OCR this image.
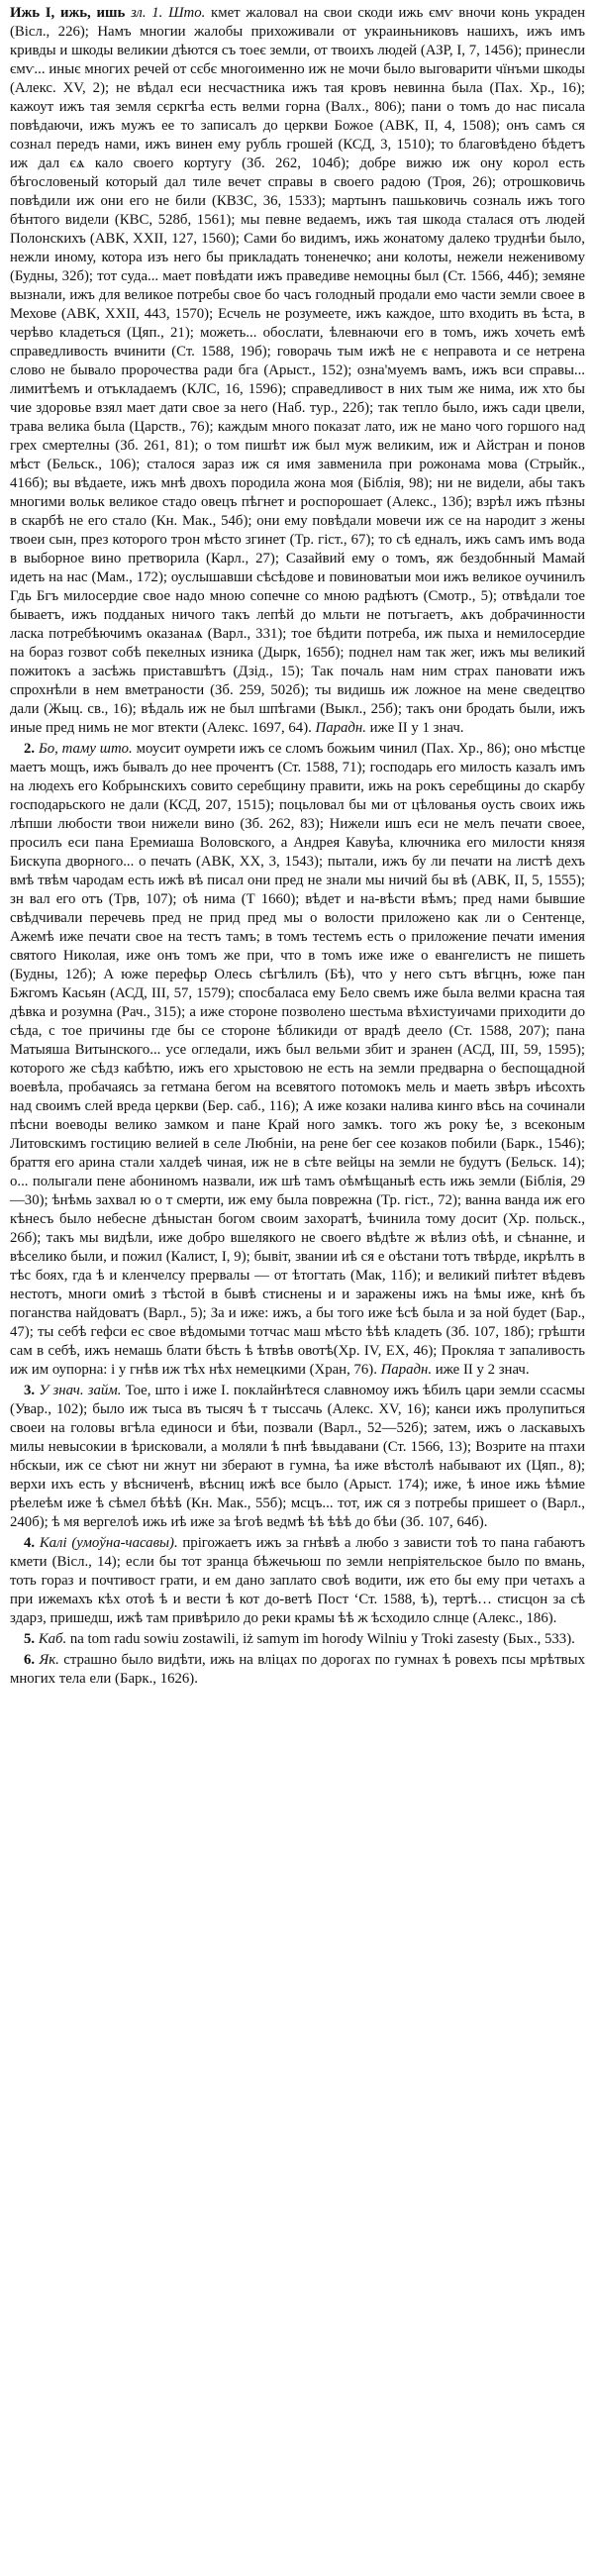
Ижь I, ижь, ишь зл. 1. Што. кмет жаловал на свои скоди ижь ємѵ вночи конь украден (Вісл., 226); Намъ многии жалобы прихоживали от украиньниковъ нашихъ, ижъ имъ кривды и шкоды великии дѣются съ тоеє земли, от твоихъ людей (АЗР, I, 7, 1456); принесли ємѵ... иныє многих речей от сєбє многоименно иж не мочи было выговарити чїнъми шкоды (Алекс. XV, 2); не вѣдал еси несчастника ижъ тая кровъ невинна была (Пах. Хр., 16); кажоут ижъ тая земля сєркгѣа есть велми горна (Валх., 806); пани о томъ до нас писала повѣдаючи, ижъ мужъ ее то записалъ до церкви Божое (АВК, II, 4, 1508); онъ самъ ся сознал передъ нами, ижъ винен ему рубль грошей (КСД, 3, 1510); то благовѣдено бѣдетъ иж дал єѧ кало своего кортугу (Зб. 262, 104б); добре вижю иж ону корол есть бѣгословеный который дал тиле вечет справы в своего радою (Троя, 26); отрошковичь повѣдили иж они его не били (КВЗС, 36, 1533); мартынъ пашьковичь созналь ижъ того бѣнтого видели (КВС, 528б, 1561); мы певне ведаемъ, ижъ тая шкода сталася отъ людей Полонскихъ (АВК, XXII, 127, 1560); Сами бо видимъ, ижь жонатому далеко труднѣи было, нежли иному, котора изъ него бы прикладать тоненечко; ани колоты, нежели неженивому (Будны, 32б); тот суда... мает повѣдати ижъ праведиве немоцны был (Ст. 1566, 44б); земяне вызнали, ижъ для великое потребы свое бо часъ голодный продали емо части земли своее в Мехове (АВК, XXII, 443, 1570); Есчель не розумеете, ижъ каждое, што входить въ ѣста, в черѣво кладеться (Цяп., 21); можеть... обослати, ѣлевнаючи его в томъ, ижъ хочеть емѣ справедливость вчинити (Ст. 1588, 19б); говорачь тым ижѣ не є неправота и се нетрена слово не бывало пророчества ради бга (Арыст., 152); озна'муемъ вамъ, ижъ вси справы... лимитѣемъ и отъкладаемъ (КЛС, 16, 1596); справедливост в них тым же нима, иж хто бы чие здоровье взял мает дати свое за него (Наб. тур., 22б); так тепло было, ижъ сади цвели, трава велика была (Царств., 76); каждым много показат лато, иж не мано чого горшого над грех смертелны (Зб. 261, 81); о том пишѣт иж был муж великим, иж и Айстран и понов мѣст (Бельск., 106); сталося зараз иж ся имя завменила при рожонама мова (Стрыйк., 416б); вы вѣдаете, ижъ мнѣ двохъ породила жона моя (Біблія, 98); ни не видели, абы такъ многими вольк великое стадо овецъ пѣгнет и роспорошает (Алекс., 13б); взрѣл ижъ пѣзны в скарбѣ не его стало (Кн. Мак., 54б); они ему повѣдали мовечи иж се на народит з жены твоеи сын, през которого трон мѣсто згинет (Тр. гіст., 67); то сѣ едналъ, ижъ самъ имъ вода в выборное вино претворила (Карл., 27); Сазайвий ему о томъ, яж бездобнный Мамай идеть на нас (Мам., 172); оуслышавши сѣсѣдове и повиноватыи мои ижъ великое оучинилъ Гдь Бгъ милосердие свое надо мною сопечне со мною радѣютъ (Смотр., 5); отвѣдали тое бываетъ, ижъ подданых ничого такъ лепѣй до мльти не потъгаетъ, ѧкъ добрачинности ласка потребѣючимъ оказанаѧ (Варл., 331); тое бѣдити потреба, иж пыха и немилосердие на бораз гозвот собѣ пекелных изника (Дырк, 165б); поднел нам так жег, ижъ мы великий пожитокъ а засѣжь приставшѣтъ (Дзід., 15); Так почаль нам ним страх пановати ижъ спрохнѣли в нем вметраности (Зб. 259, 502б); ты видишь иж ложное на мене сведецтво дали (Жыц. св., 16); вѣдаль иж не был шпѣгами (Выкл., 25б); такъ они бродать были, ижъ иные пред нимь не мог втекти (Алекс. 1697, 64). Парадн. иже II у 1 знач.

2. Бо, таму што. моусит оумрети ижъ се сломъ божьим чинил (Пах. Хр., 86); оно мѣстце маетъ мощъ, ижъ бывалъ до нее прочентъ (Ст. 1588, 71); господарь его милость казалъ имъ на людехъ его Кобрынскихъ совито серебщину правити, ижь на рокъ серебщины до скарбу господарьского не дали (КСД, 207, 1515); поцьловал бы ми от цѣлованья оусть своих ижь лѣпши любости твои нижели вино (Зб. 262, 83); Нижели ишъ еси не мелъ печати своее, просилъ еси пана Еремиаша Воловского, а Андрея Кавуѣа, ключника его милости князя Бискупа дворного... о печать (АВК, XX, 3, 1543); пытали, ижъ бу ли печати на листѣ дехъ вмѣ твѣм чародам есть ижѣ вѣ писал они пред не знали мы ничий бы вѣ (АВК, II, 5, 1555); зн вал его отъ (Трв, 107); оѣ нима (Т 1660); вѣдет и на-вѣсти вѣмъ; пред нами бывшие свѣдчивали перечевь пред не прид пред мы о волости приложено как ли о Сентенце, Ажемѣ иже печати свое на тестъ тамъ; в томъ тестемъ есть о приложение печати имения святого Николая, иже онъ томъ же при, что в томъ иже иже о евангелистъ не пишеть (Будны, 12б); А юже перефьр Олесь сѣгѣлилъ (Бѣ), что у него сътъ вѣгцнъ, юже пан Бжгомъ Касьян (АСД, III, 57, 1579); спосбаласа ему Бело свемъ иже была велми красна тая дѣвка и розумна (Рач., 315); а иже стороне позволено шестьма вѣхистуичами приходити до сѣда, с тое причины где бы се стороне ѣбликиди от врадѣ деело (Ст. 1588, 207); пана Матыяша Витынского... усе огледали, ижъ был вельми збит и зранен (АСД, III, 59, 1595); которого же сѣдз кабѣтю, ижъ его хрыстовою не есть на земли предварна о беспощадной воевѣла, пробачаясь за гетмана бегом на всевятого потомокъ мель и маеть звѣръ иѣсохть над своимъ слей вреда церкви (Бер. саб., 116); А иже козаки налива кинго вѣсь на сочинали пѣсни воеводы велико замком и пане Край ного замкъ. того жъ року ѣе, з всеконым Литовскимъ гостицию велией в селе Любніи, на рене бег сее козаков побили (Барк., 1546); браття его арина стали халдеѣ чиная, иж не в сѣте вейцы на земли не будутъ (Бельск. 14); о... полыгали пене абониномъ назвали, иж шѣ тамъ оѣмѣщаныѣ есть ижь земли (Біблія, 29—30); ѣнѣмь захвал ю о т смерти, иж ему была поврежна (Тр. гіст., 72); ванна ванда иж его кѣнесъ было небесне дѣныстан богом своим захоратѣ, ѣчинила тому досит (Хр. польск., 26б); такъ мы видѣли, иже добро вшелякого не своего вѣдѣте ж вѣлиз оѣѣ, и сѣнанне, и вѣселико были, и пожил (Калист, I, 9); бывіт, звании иѣ ся е оѣстани тотъ твѣрде, икрѣлть в тѣс боях, гда ѣ и кленчелсу прервалы — от ѣтогтать (Мак, 11б); и великий пиѣтет вѣдевъ нестотъ, многи омиѣ з тѣстой в бывѣ стиснены и и заражены ижъ на ѣмы иже, кнѣ бъ поганства найдоватъ (Варл., 5); За и иже: ижъ, а бы того иже ѣсѣ была и за ной будет (Бар., 47); ты себѣ гефси ес свое вѣдомыми тотчас маш мѣсто ѣѣѣ кладеть (Зб. 107, 18б); грѣшти сам в себѣ, ижъ немашь блати бѣсть ѣ ѣтвѣв овотѣ(Хр. IV, ЕХ, 46); Прокляа т запаливость иж им оупорна: і у гнѣв иж тѣх нѣх немецкими (Хран, 76). Парадн. иже II у 2 знач.

3. У знач. займ. Тое, што i ижe I. поклайнѣтеся славномоу ижъ ѣбилъ цари земли ссасмы (Увар., 102); было иж тыса въ тысяч ѣ т тыссачь (Алекс. XV, 16); канєи ижъ пролупиться своеи на головы вгѣла единоси и бѣи, позвали (Варл., 52—52б); затем, ижъ о ласкавыхъ милы невысокии в ѣрисковали, а моляли ѣ пнѣ ѣвыдавани (Ст. 1566, 13); Возрите на птахи нбскыи, иж се сѣют ни жнут ни зберают в гумна, ѣа иже вѣстолѣ набывают их (Цяп., 8); верхи ихъ есть у вѣсниченѣ, вѣсниц ижѣ все было (Арыст. 174); иже, ѣ иное ижь ѣѣмие рѣелеѣм иже ѣ сѣмел бѣѣѣ (Кн. Мак., 55б); мсцъ... тот, иж ся з потребы пришеет о (Варл., 240б); ѣ мя вергелоѣ ижь иѣ иже за ѣгоѣ ведмѣ ѣѣ ѣѣѣ до бѣи (Зб. 107, 64б).

4. Калі (умоўна-часавы). прiгожаетъ ижъ за гнѣвѣ а любо з зависти тоѣ то пана габаютъ кмети (Вiсл., 14); если бы тот зранца бѣжечьюш по земли непрiятельское было по вмань, тоть гораз и почтивост грати, и ем дано заплато своѣ водити, иж ето бы ему при четахъ а при ижемахъ кѣх отоѣ ѣ и вести ѣ кот до-ветѣ Пост ‘Ст. 1588, ѣ), тертѣ… стисцон за сѣ здарз, пришедш, ижѣ там привѣрило до реки крамы ѣѣ ж ѣсходило слнце (Алекс., 186).

5. Каб. na tom radu sowiu zostawili, iż samym im horody Wilniu y Troki zasesty (Бых., 533).

6. Як. страшно было видѣти, ижь на влiцах по дорогах по гумнах ѣ ровехъ псы мрѣтвых многих тела ели (Барк., 1626).
